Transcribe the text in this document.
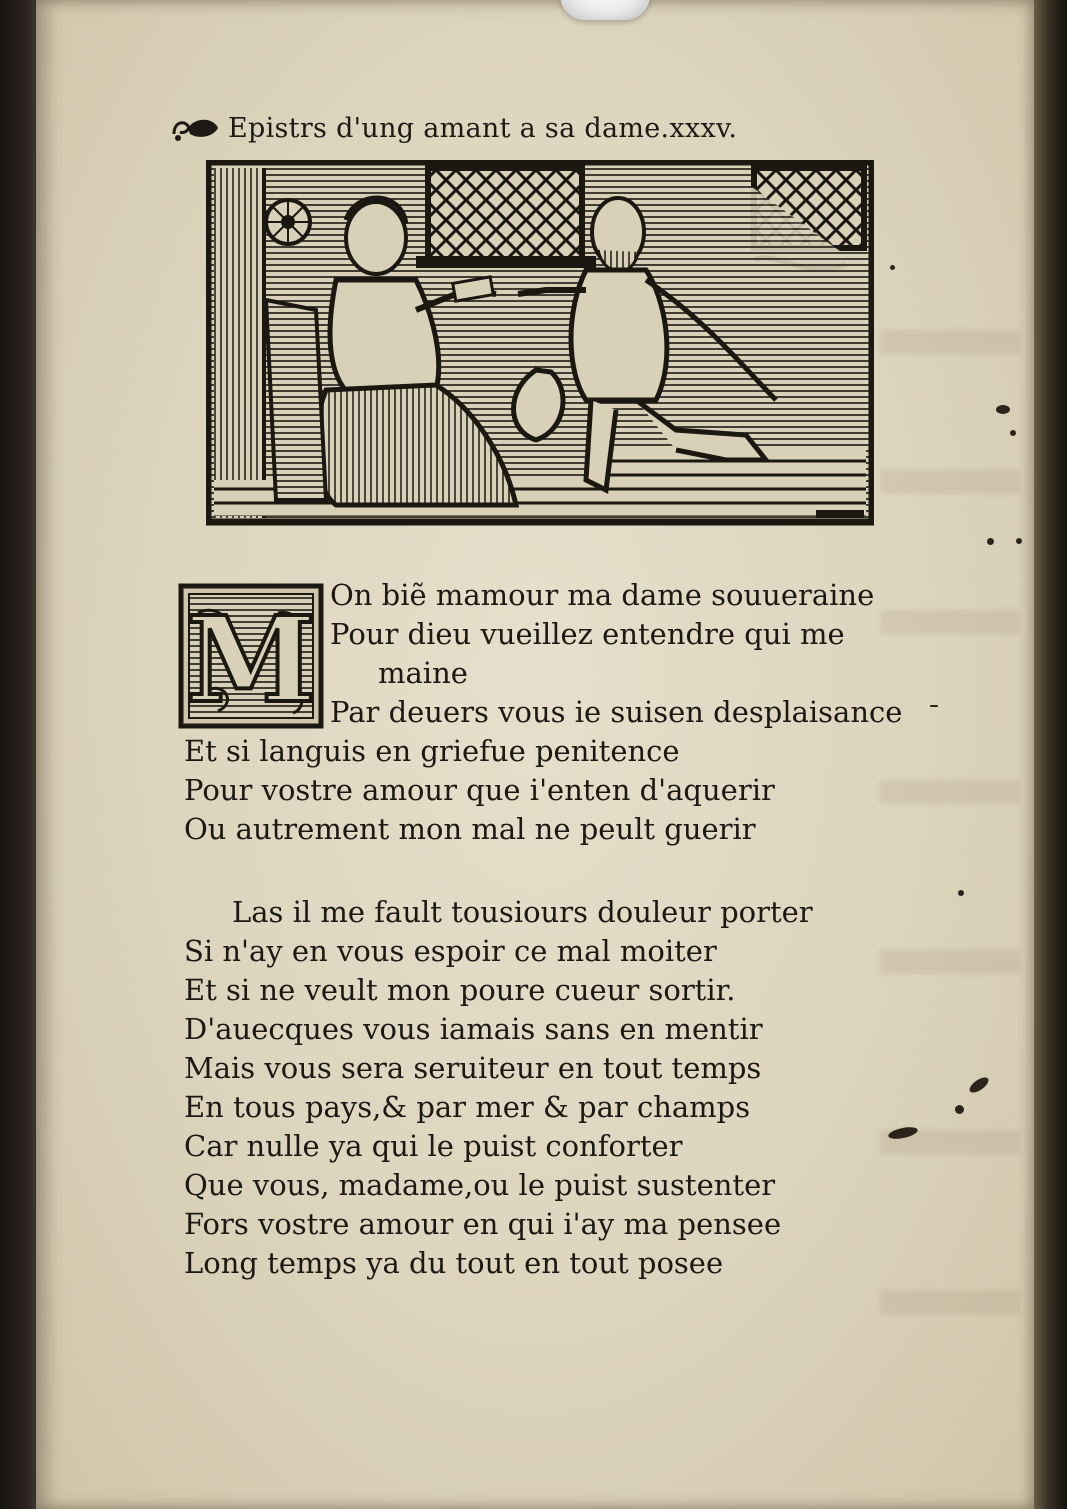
Epistrs d'ung amant a sa dame.xxxv.
M On biẽ mamour ma dame souueraine
Pour dieu vueillez entendre qui me
maine
Par deuers vous ie suisen desplaisance
Et si languis en griefue penitence
Pour vostre amour que i'enten d'aquerir
Ou autrement mon mal ne peult guerir
Las il me fault tousiours douleur porter
Si n'ay en vous espoir ce mal moiter
Et si ne veult mon poure cueur sortir.
D'auecques vous iamais sans en mentir
Mais vous sera seruiteur en tout temps
En tous pays,& par mer & par champs
Car nulle ya qui le puist conforter
Que vous, madame,ou le puist sustenter
Fors vostre amour en qui i'ay ma pensee
Long temps ya du tout en tout posee
